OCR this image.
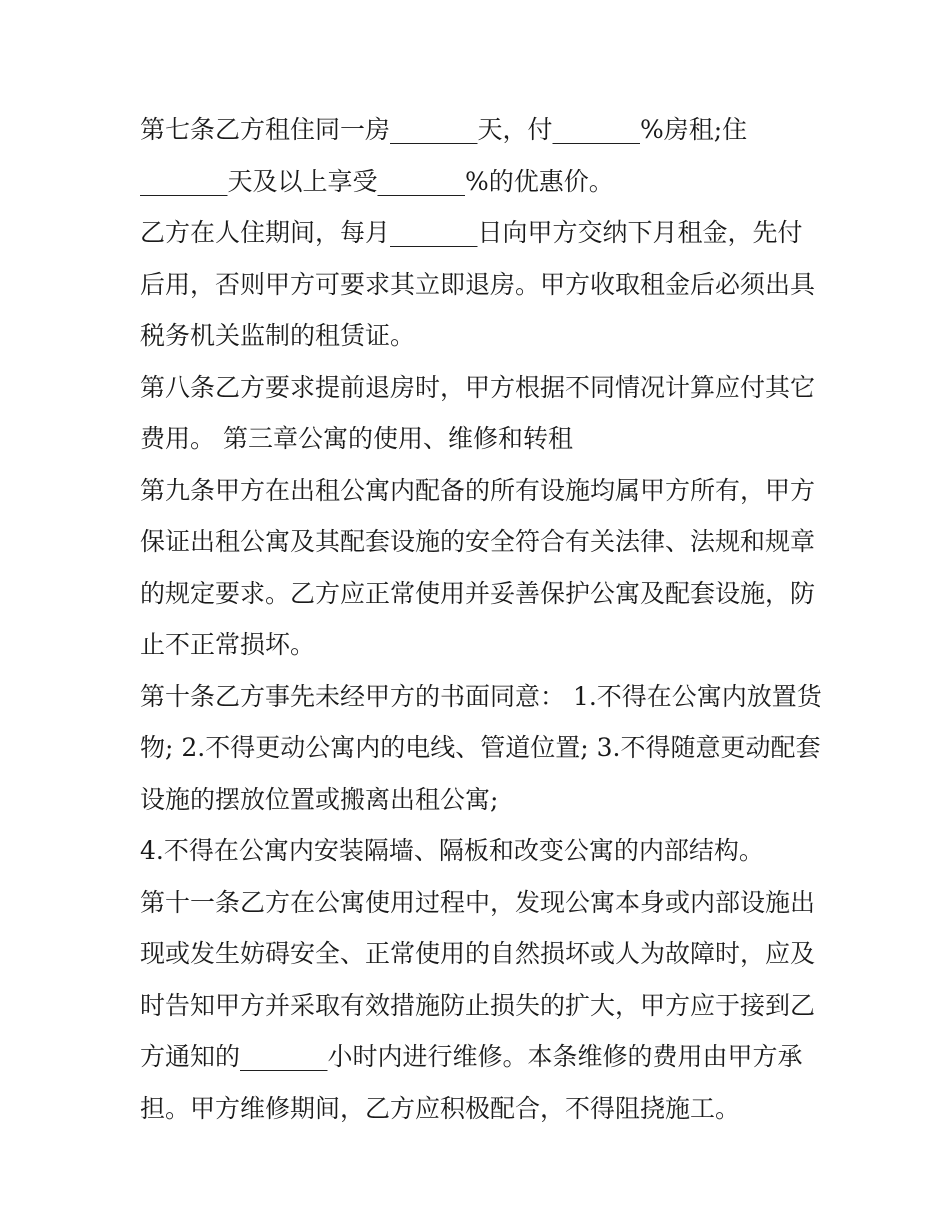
第七条乙方租住同一房_______天，付_______%房租;住
_______天及以上享受_______%的优惠价。
乙方在人住期间，每月_______日向甲方交纳下月租金，先付
后用，否则甲方可要求其立即退房。甲方收取租金后必须出具
税务机关监制的租赁证。
第八条乙方要求提前退房时，甲方根据不同情况计算应付其它
费用。 第三章公寓的使用、维修和转租
第九条甲方在出租公寓内配备的所有设施均属甲方所有，甲方
保证出租公寓及其配套设施的安全符合有关法律、法规和规章
的规定要求。乙方应正常使用并妥善保护公寓及配套设施，防
止不正常损坏。
第十条乙方事先未经甲方的书面同意： 1.不得在公寓内放置货
物; 2.不得更动公寓内的电线、管道位置; 3.不得随意更动配套
设施的摆放位置或搬离出租公寓;
4.不得在公寓内安装隔墙、隔板和改变公寓的内部结构。
第十一条乙方在公寓使用过程中，发现公寓本身或内部设施出
现或发生妨碍安全、正常使用的自然损坏或人为故障时，应及
时告知甲方并采取有效措施防止损失的扩大，甲方应于接到乙
方通知的_______小时内进行维修。本条维修的费用由甲方承
担。甲方维修期间，乙方应积极配合，不得阻挠施工。
